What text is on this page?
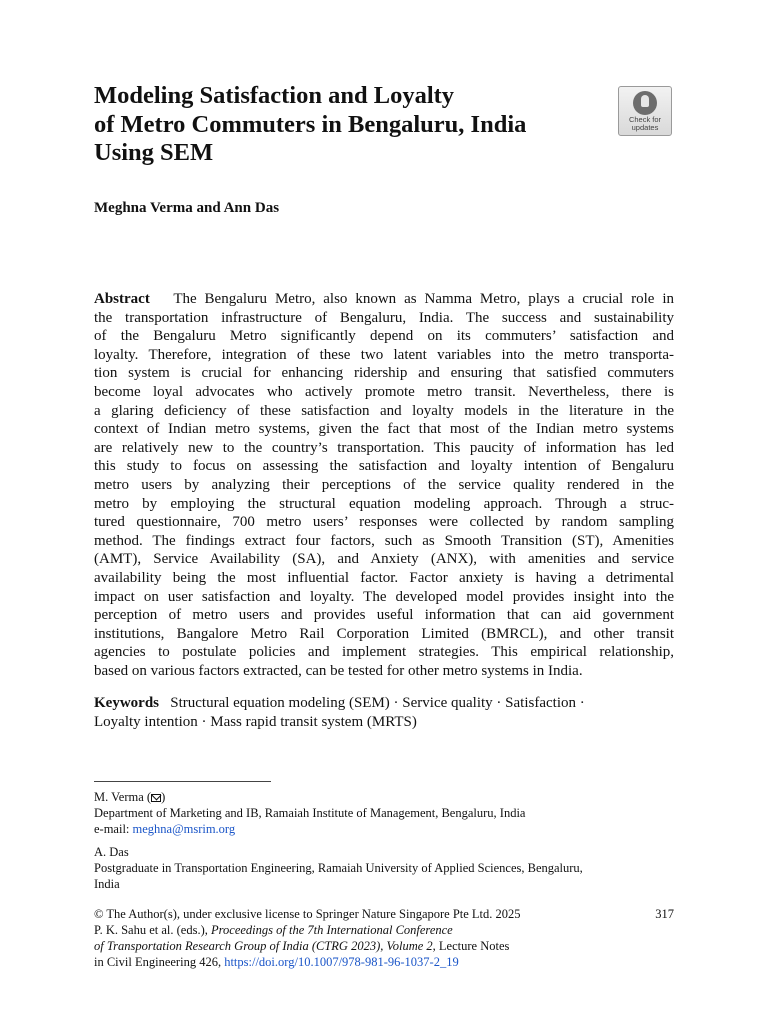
Modeling Satisfaction and Loyalty
of Metro Commuters in Bengaluru, India
Using SEM
Check for
updates
Meghna Verma and Ann Das
Abstract The Bengaluru Metro, also known as Namma Metro, plays a crucial role in
the transportation infrastructure of Bengaluru, India. The success and sustainability
of the Bengaluru Metro significantly depend on its commuters’ satisfaction and
loyalty. Therefore, integration of these two latent variables into the metro transporta-
tion system is crucial for enhancing ridership and ensuring that satisfied commuters
become loyal advocates who actively promote metro transit. Nevertheless, there is
a glaring deficiency of these satisfaction and loyalty models in the literature in the
context of Indian metro systems, given the fact that most of the Indian metro systems
are relatively new to the country’s transportation. This paucity of information has led
this study to focus on assessing the satisfaction and loyalty intention of Bengaluru
metro users by analyzing their perceptions of the service quality rendered in the
metro by employing the structural equation modeling approach. Through a struc-
tured questionnaire, 700 metro users’ responses were collected by random sampling
method. The findings extract four factors, such as Smooth Transition (ST), Amenities
(AMT), Service Availability (SA), and Anxiety (ANX), with amenities and service
availability being the most influential factor. Factor anxiety is having a detrimental
impact on user satisfaction and loyalty. The developed model provides insight into the
perception of metro users and provides useful information that can aid government
institutions, Bangalore Metro Rail Corporation Limited (BMRCL), and other transit
agencies to postulate policies and implement strategies. This empirical relationship,
based on various factors extracted, can be tested for other metro systems in India.
Keywords Structural equation modeling (SEM) · Service quality · Satisfaction ·
Loyalty intention · Mass rapid transit system (MRTS)
M. Verma ( )
Department of Marketing and IB, Ramaiah Institute of Management, Bengaluru, India
e-mail: meghna@msrim.org
A. Das
Postgraduate in Transportation Engineering, Ramaiah University of Applied Sciences, Bengaluru,
India
© The Author(s), under exclusive license to Springer Nature Singapore Pte Ltd. 2025	317
P. K. Sahu et al. (eds.), Proceedings of the 7th International Conference
of Transportation Research Group of India (CTRG 2023), Volume 2, Lecture Notes
in Civil Engineering 426, https://doi.org/10.1007/978-981-96-1037-2_19
